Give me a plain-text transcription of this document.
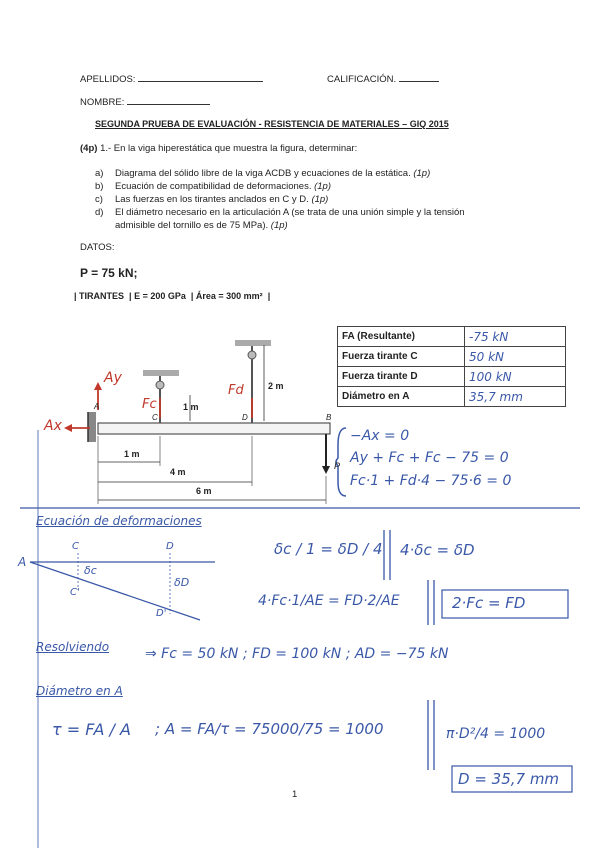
APELLIDOS:	CALIFICACIÓN.
NOMBRE:
SEGUNDA PRUEBA DE EVALUACIÓN - RESISTENCIA DE MATERIALES – GIQ 2015
(4p) 1.- En la viga hiperestática que muestra la figura, determinar:
a) Diagrama del sólido libre de la viga ACDB y ecuaciones de la estática. (1p)
b) Ecuación de compatibilidad de deformaciones. (1p)
c) Las fuerzas en los tirantes anclados en C y D. (1p)
d) El diámetro necesario en la articulación A (se trata de una unión simple y la tensión
admisible del tornillo es de 75 MPa). (1p)
DATOS:
P = 75 kN;
| TIRANTES  | E = 200 GPa  | Área = 300 mm²  |
FA (Resultante)	-75 kN
Fuerza tirante C	50 kN
Fuerza tirante D	100 kN
Diámetro en A	35,7 mm
2 m
1 m
1 m
4 m
6 m
A
C	D	B
P
Ay
Ax
Fc
Fd
−Ax = 0
Ay + Fc + Fc − 75 = 0
Fc·1 + Fd·4 − 75·6 = 0
Ecuación de deformaciones
A
C	D
C'
D'
δc
δD
δc / 1 = δD / 4 4·δc = δD
4·Fc·1/AE = FD·2/AE	2·Fc = FD
Resolviendo	⇒ Fc = 50 kN ; FD = 100 kN ; AD = −75 kN
Diámetro en A
τ = FA / A ; A = FA/τ = 75000/75 = 1000	π·D²/4 = 1000
D = 35,7 mm
1
